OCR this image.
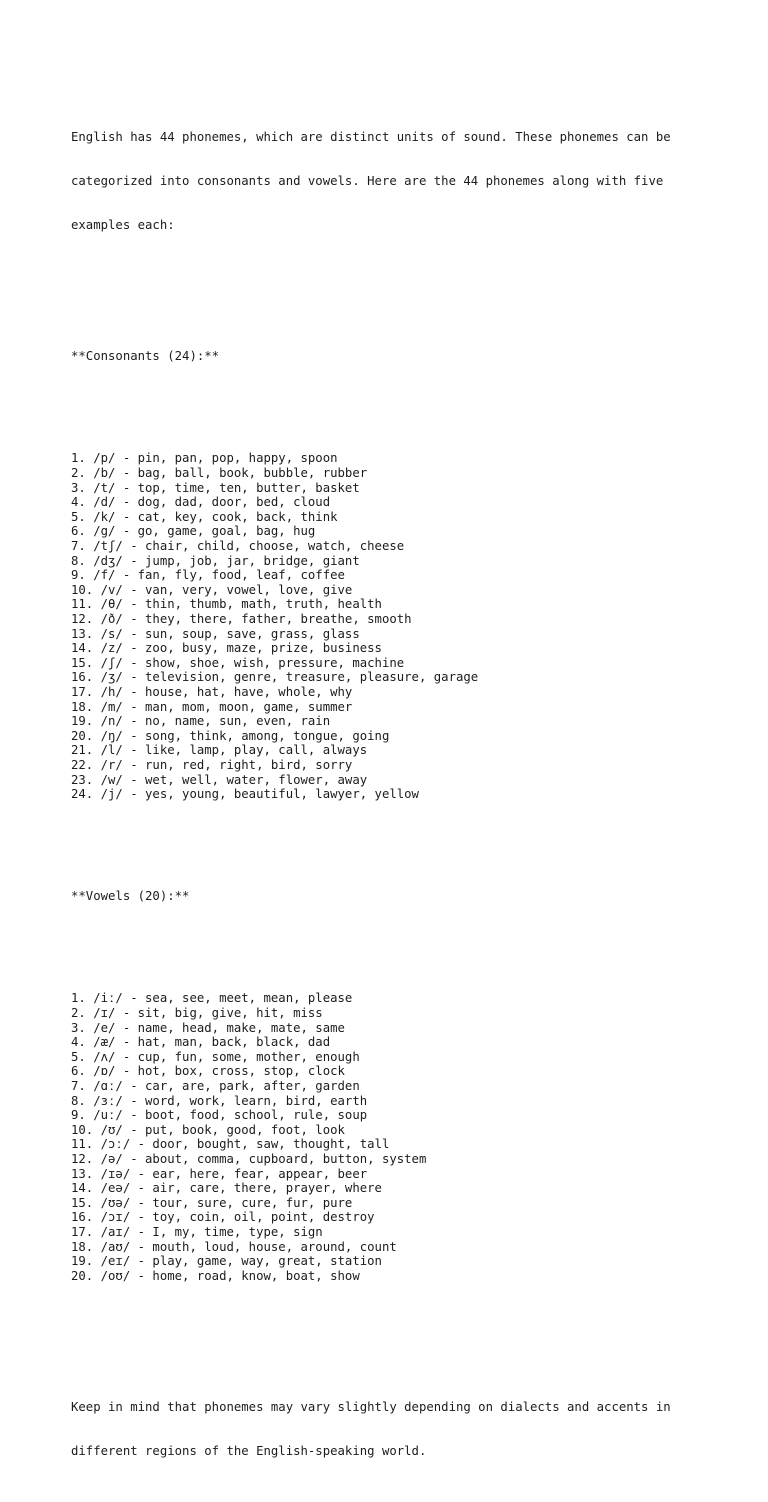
English has 44 phonemes, which are distinct units of sound. These phonemes can be

categorized into consonants and vowels. Here are the 44 phonemes along with five

examples each:

**Consonants (24):**

1. /p/ - pin, pan, pop, happy, spoon
2. /b/ - bag, ball, book, bubble, rubber
3. /t/ - top, time, ten, butter, basket
4. /d/ - dog, dad, door, bed, cloud
5. /k/ - cat, key, cook, back, think
6. /g/ - go, game, goal, bag, hug
7. /tʃ/ - chair, child, choose, watch, cheese
8. /dʒ/ - jump, job, jar, bridge, giant
9. /f/ - fan, fly, food, leaf, coffee
10. /v/ - van, very, vowel, love, give
11. /θ/ - thin, thumb, math, truth, health
12. /ð/ - they, there, father, breathe, smooth
13. /s/ - sun, soup, save, grass, glass
14. /z/ - zoo, busy, maze, prize, business
15. /ʃ/ - show, shoe, wish, pressure, machine
16. /ʒ/ - television, genre, treasure, pleasure, garage
17. /h/ - house, hat, have, whole, why
18. /m/ - man, mom, moon, game, summer
19. /n/ - no, name, sun, even, rain
20. /ŋ/ - song, think, among, tongue, going
21. /l/ - like, lamp, play, call, always
22. /r/ - run, red, right, bird, sorry
23. /w/ - wet, well, water, flower, away
24. /j/ - yes, young, beautiful, lawyer, yellow

**Vowels (20):**

1. /iː/ - sea, see, meet, mean, please
2. /ɪ/ - sit, big, give, hit, miss
3. /e/ - name, head, make, mate, same
4. /æ/ - hat, man, back, black, dad
5. /ʌ/ - cup, fun, some, mother, enough
6. /ɒ/ - hot, box, cross, stop, clock
7. /ɑː/ - car, are, park, after, garden
8. /ɜː/ - word, work, learn, bird, earth
9. /uː/ - boot, food, school, rule, soup
10. /ʊ/ - put, book, good, foot, look
11. /ɔː/ - door, bought, saw, thought, tall
12. /ə/ - about, comma, cupboard, button, system
13. /ɪə/ - ear, here, fear, appear, beer
14. /eə/ - air, care, there, prayer, where
15. /ʊə/ - tour, sure, cure, fur, pure
16. /ɔɪ/ - toy, coin, oil, point, destroy
17. /aɪ/ - I, my, time, type, sign
18. /aʊ/ - mouth, loud, house, around, count
19. /eɪ/ - play, game, way, great, station
20. /oʊ/ - home, road, know, boat, show

Keep in mind that phonemes may vary slightly depending on dialects and accents in

different regions of the English-speaking world.
